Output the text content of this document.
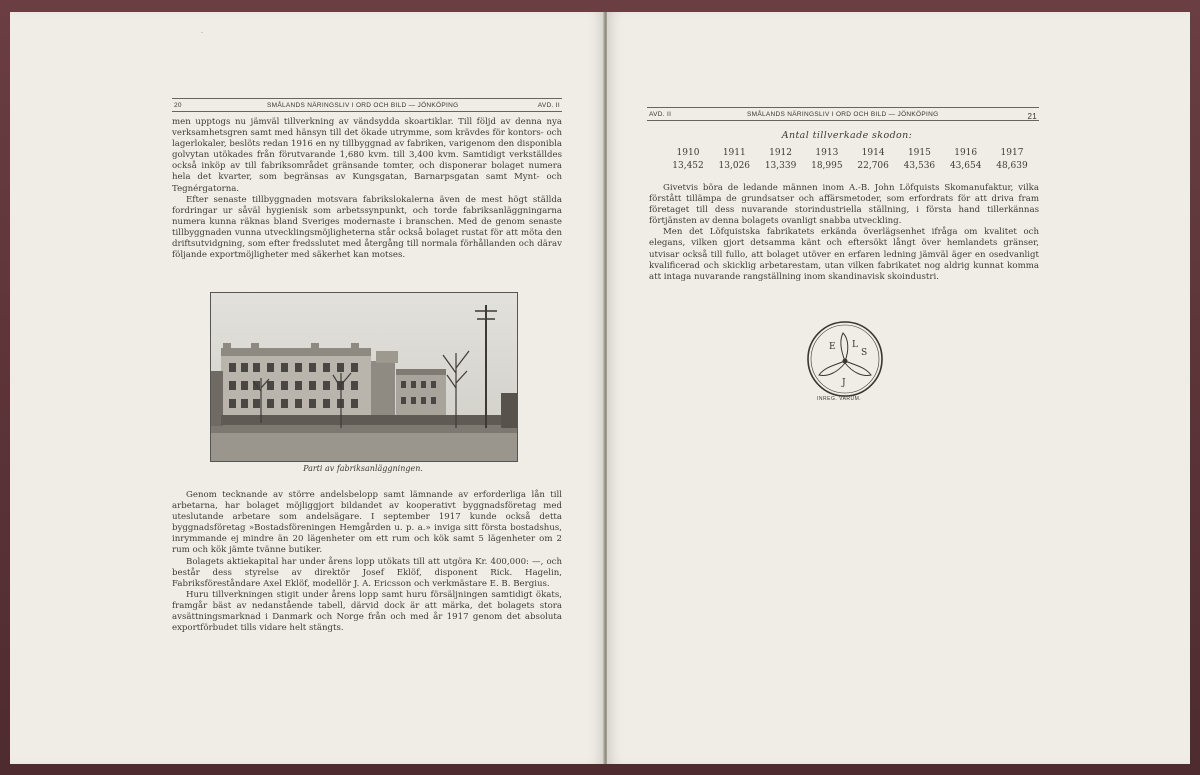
·
20	SMÅLANDS NÄRINGSLIV I ORD OCH BILD — JÖNKÖPING	AVD. II

men upptogs nu jämväl tillverkning av vändsydda skoartiklar. Till följd av denna nya verksamhetsgren samt med hänsyn till det ökade utrymme, som krävdes för kontors- och lagerlokaler, beslöts redan 1916 en ny tillbyggnad av fabriken, varigenom den disponibla golvytan utökades från förutvarande 1,680 kvm. till 3,400 kvm. Samtidigt verkställdes också inköp av till fabriksområdet gränsande tomter, och disponerar bolaget numera hela det kvarter, som begränsas av Kungsgatan, Barnarpsgatan samt Mynt- och Tegnérgatorna.

Efter senaste tillbyggnaden motsvara fabrikslokalerna även de mest högt ställda fordringar ur såväl hygienisk som arbetssynpunkt, och torde fabriksanläggningarna numera kunna räknas bland Sveriges modernaste i branschen. Med de genom senaste tillbyggnaden vunna utvecklingsmöjligheterna står också bolaget rustat för att möta den driftsutvidgning, som efter fredsslutet med återgång till normala förhållanden och därav följande exportmöjligheter med säkerhet kan motses.

Parti av fabriksanläggningen.

Genom tecknande av större andelsbelopp samt lämnande av erforderliga lån till arbetarna, har bolaget möjliggjort bildandet av kooperativt byggnadsföretag med uteslutande arbetare som andelsägare. I september 1917 kunde också detta byggnadsföretag »Bostadsföreningen Hemgården u. p. a.» inviga sitt första bostadshus, inrymmande ej mindre än 20 lägenheter om ett rum och kök samt 5 lägenheter om 2 rum och kök jämte tvänne butiker.

Bolagets aktiekapital har under årens lopp utökats till att utgöra Kr. 400,000: —, och består dess styrelse av direktör Josef Eklöf, disponent Rick. Hagelin, Fabriksföreståndare Axel Eklöf, modellör J. A. Ericsson och verkmästare E. B. Bergius.

Huru tillverkningen stigit under årens lopp samt huru försäljningen samtidigt ökats, framgår bäst av nedanstående tabell, därvid dock är att märka, det bolagets stora avsättningsmarknad i Danmark och Norge från och med år 1917 genom det absoluta exportförbudet tills vidare helt stängts.

AVD. II	SMÅLANDS NÄRINGSLIV I ORD OCH BILD — JÖNKÖPING	21
Antal tillverkade skodon:
1910	1911	1912	1913	1914	1915	1916	1917
13,452	13,026	13,339	18,995	22,706	43,536	43,654	48,639

Givetvis böra de ledande männen inom A.-B. John Löfquists Skomanufaktur, vilka förstått tillämpa de grundsatser och affärsmetoder, som erfordrats för att driva fram företaget till dess nuvarande storindustriella ställning, i första hand tillerkännas förtjänsten av denna bolagets ovanligt snabba utveckling.

Men det Löfquistska fabrikatets erkända överlägsenhet ifråga om kvalitet och elegans, vilken gjort detsamma känt och eftersökt långt över hemlandets gränser, utvisar också till fullo, att bolaget utöver en erfaren ledning jämväl äger en osedvanligt kvalificerad och skicklig arbetarestam, utan vilken fabrikatet nog aldrig kunnat komma att intaga nuvarande rangställning inom skandinavisk skoindustri.

E L
S
J
INREG. VARUM.
